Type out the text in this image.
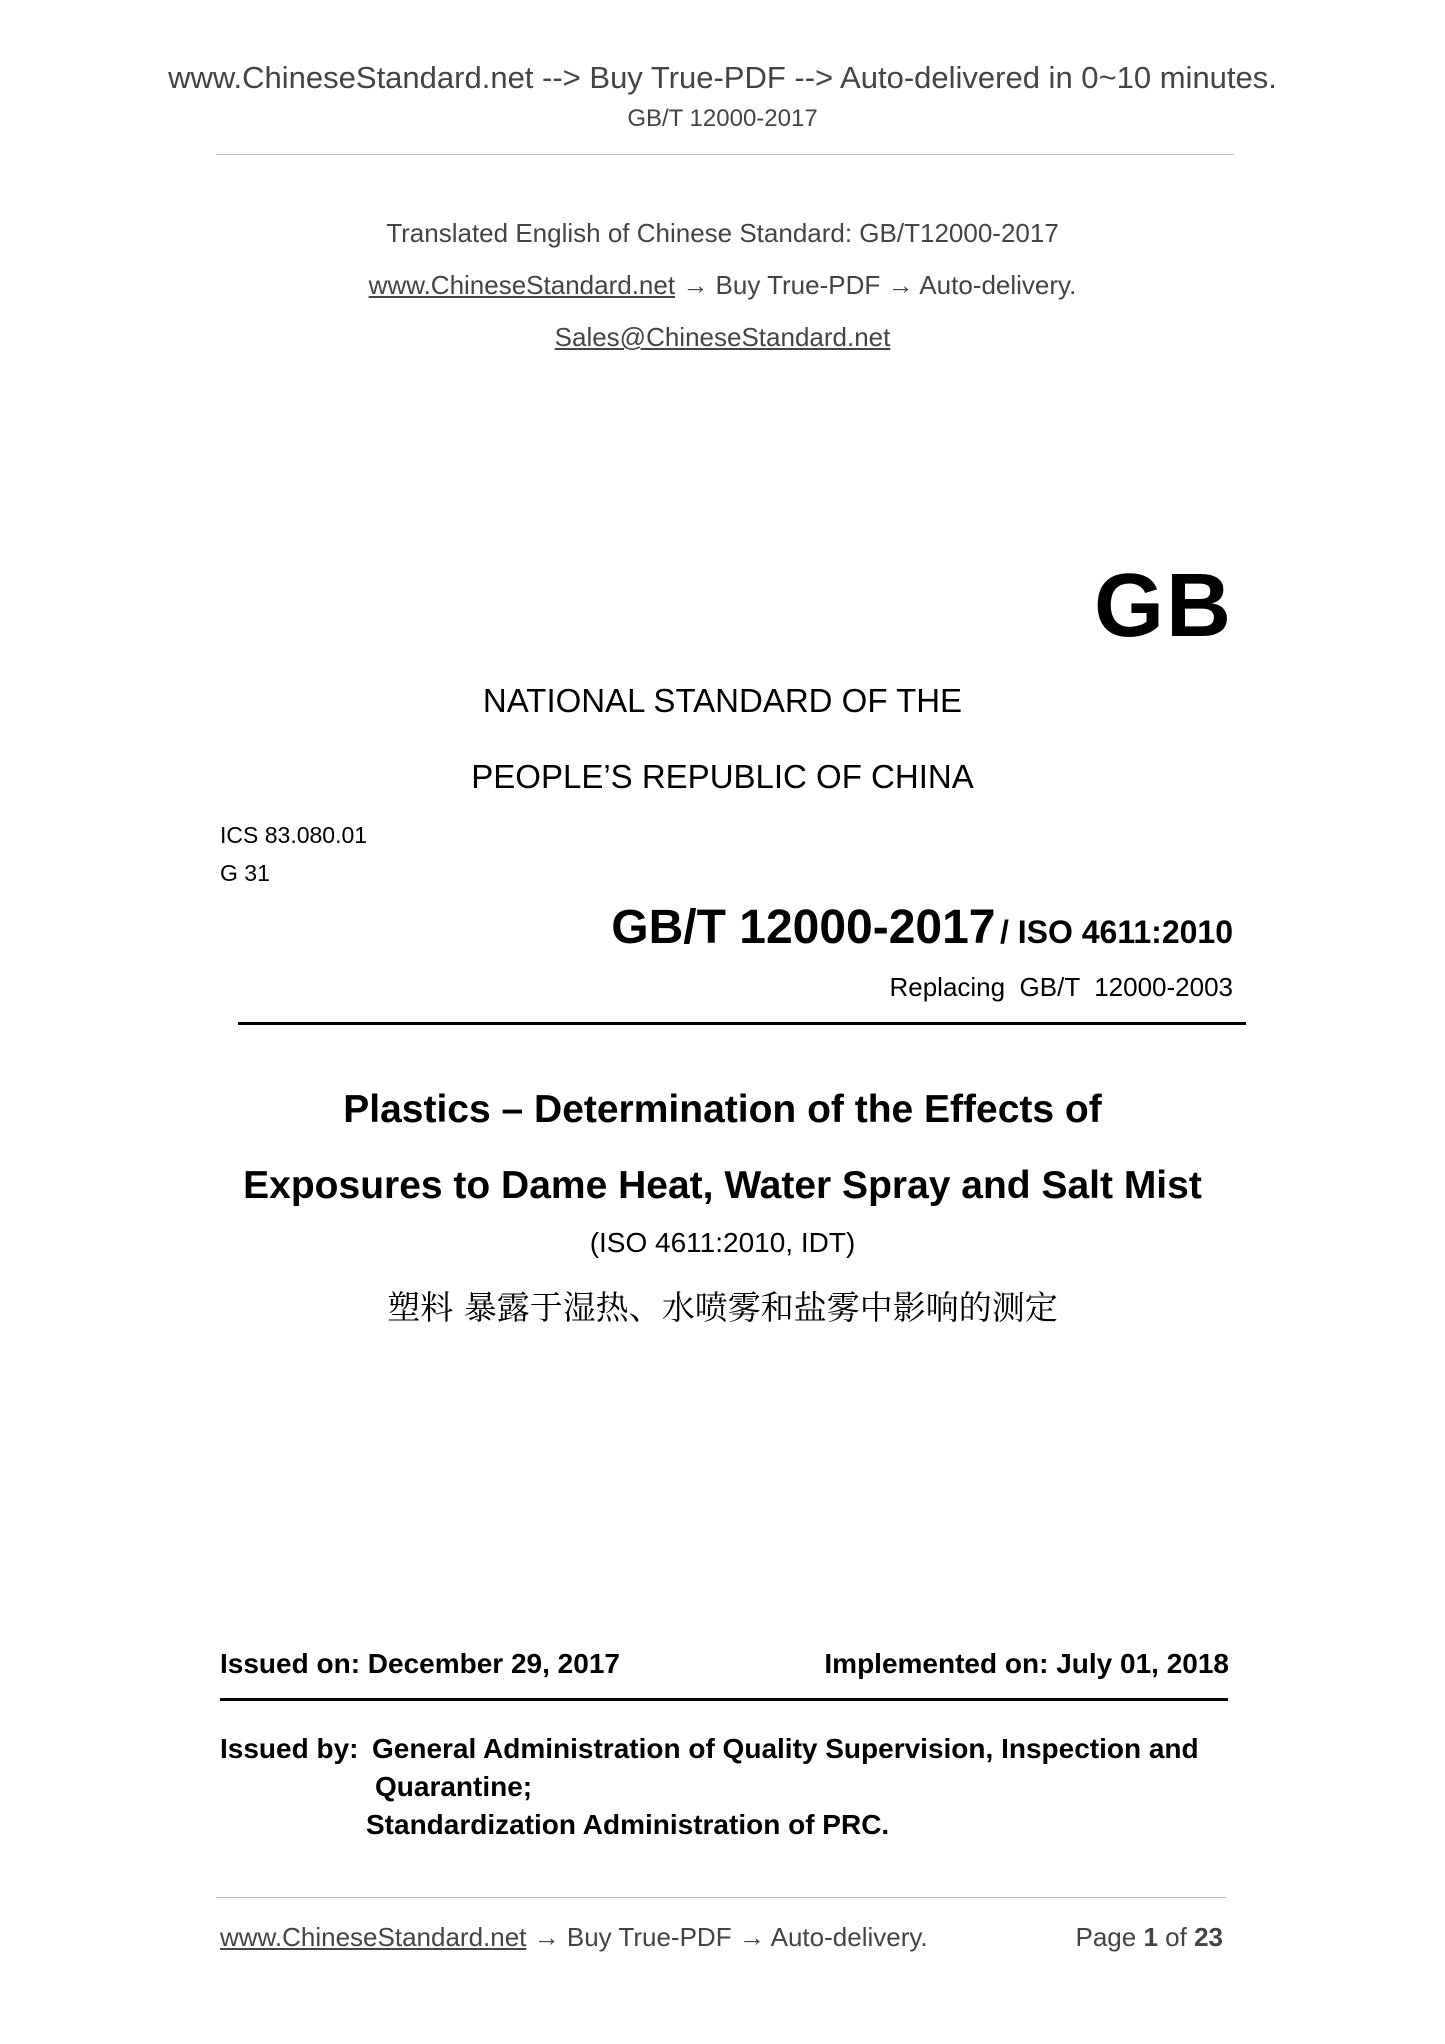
www.ChineseStandard.net --> Buy True-PDF --> Auto-delivered in 0~10 minutes.
GB/T 12000-2017
Translated English of Chinese Standard: GB/T12000-2017
www.ChineseStandard.net → Buy True-PDF → Auto-delivery.
Sales@ChineseStandard.net
GB
NATIONAL STANDARD OF THE
PEOPLE’S REPUBLIC OF CHINA
ICS 83.080.01
G 31
GB/T 12000-2017 / ISO 4611:2010
Replacing  GB/T  12000-2003
Plastics – Determination of the Effects of
Exposures to Dame Heat, Water Spray and Salt Mist
(ISO 4611:2010, IDT)
塑料 暴露于湿热、水喷雾和盐雾中影响的测定
Issued on: December 29, 2017	Implemented on: July 01, 2018
Issued by: General Administration of Quality Supervision, Inspection and
Quarantine;
Standardization Administration of PRC.
www.ChineseStandard.net → Buy True-PDF → Auto-delivery.	Page 1 of 23
